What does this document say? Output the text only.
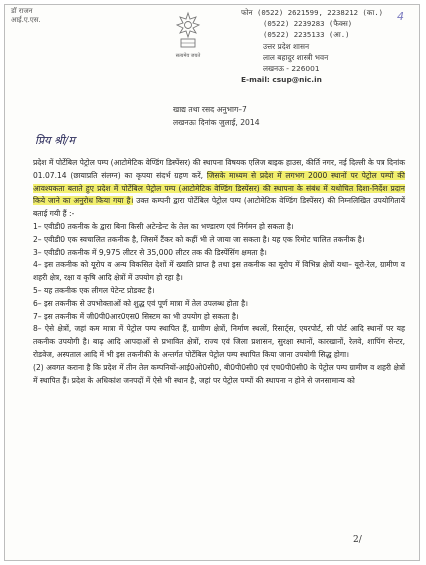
डॉ राजन
आई.ए.एस.
सत्यमेव जयते
फोन (0522) 2621599, 2238212 (का.)
(0522) 2239283 (फैक्स)
(0522) 2235133 (आ.)
उत्तर प्रदेश शासन
लाल बहादुर शास्त्री भवन
लखनऊ - 226001
E-mail: csup@nic.in
4
खाद्य तथा रसद अनुभाग–7
लखनऊः दिनांक जुलाई, 2014
प्रिय श्री/म

प्रदेश में पोर्टेबिल पेट्रोल पम्प (आटोमेटिक वेण्डिंग डिस्पेंसर) की स्थापना विषयक एलिज बाइक हाउस, कीर्ति नगर, नई दिल्ली के पत्र दिनांक 01.07.14 (छायाप्रति संलग्न) का कृपया संदर्भ ग्रहण करें, जिसके माध्यम से प्रदेश में लगभग 2000 स्थानों पर पेट्रोल पम्पों की आवश्यकता बताते हुए प्रदेश में पोर्टेबिल पेट्रोल पम्प (आटोमेटिक वेण्डिंग डिस्पेंसर) की स्थापना के संबंध में यथोचित दिशा-निर्देश प्रदान किये जाने का अनुरोध किया गया है। उक्त कम्पनी द्वारा पोर्टेबिल पेट्रोल पम्प (आटोमेटिक वेण्डिंग डिस्पेंसर) की निम्नलिखित उपयोगितायें बताई गयी हैं :-

1– एवीडी0 तकनीक के द्वारा बिना किसी अटेन्डेन्ट के तेल का भण्डारण एवं निर्गमन हो सकता है।

2– एवीडी0 एक स्वचालित तकनीक है, जिसमें टैंकर को कहीं भी ले जाया जा सकता है। यह एक रिमोट चालित तकनीक है।

3– एवीडी0 तकनीक में 9,975 लीटर से 35,000 लीटर तक की डिस्पेंसिंग क्षमता है।

4– इस तकनीक को यूरोप व अन्य विकसित देशों में ख्याति प्राप्त है तथा इस तकनीक का यूरोप में विभिन्न क्षेत्रों यथा– यूरो-रेल, ग्रामीण व शहरी क्षेत्र, रक्षा व कृषि आदि क्षेत्रों में उपयोग हो रहा है।

5– यह तकनीक एक लीगल पेटेन्ट प्रोडक्ट है।

6– इस तकनीक से उपभोक्ताओं को शुद्ध एवं पूर्ण मात्रा में तेल उपलब्ध होता है।

7– इस तकनीक में जी0पी0आर0एस0 सिस्टम का भी उपयोग हो सकता है।

8– ऐसे क्षेत्रों, जहां कम मात्रा में पेट्रोल पम्प स्थापित हैं, ग्रामीण क्षेत्रों, निर्माण स्थलों, रिसार्ट्स, एयरपोर्ट, सी पोर्ट आदि स्थानों पर यह तकनीक उपयोगी है। बाढ़ आदि आपदाओं से प्रभावित क्षेत्रों, राज्य एवं जिला प्रशासन, सुरक्षा स्थानों, कारखानों, रेलवे, शापिंग सेन्टर, रोडवेज, अस्पताल आदि में भी इस तकनीकी के अन्तर्गत पोर्टेबिल पेट्रोल पम्प स्थापित किया जाना उपयोगी सिद्ध होगा।

(2) अवगत कराना है कि प्रदेश में तीन तेल कम्पनियों-आई0ओ0सी0, बी0पी0सी0 एवं एच0पी0सी0 के पेट्रोल पम्प ग्रामीण व शहरी क्षेत्रों में स्थापित हैं। प्रदेश के अधिकांश जनपदों में ऐसे भी स्थान है, जहां पर पेट्रोल पम्पों की स्थापना न होने से जनसामान्य को

2/
